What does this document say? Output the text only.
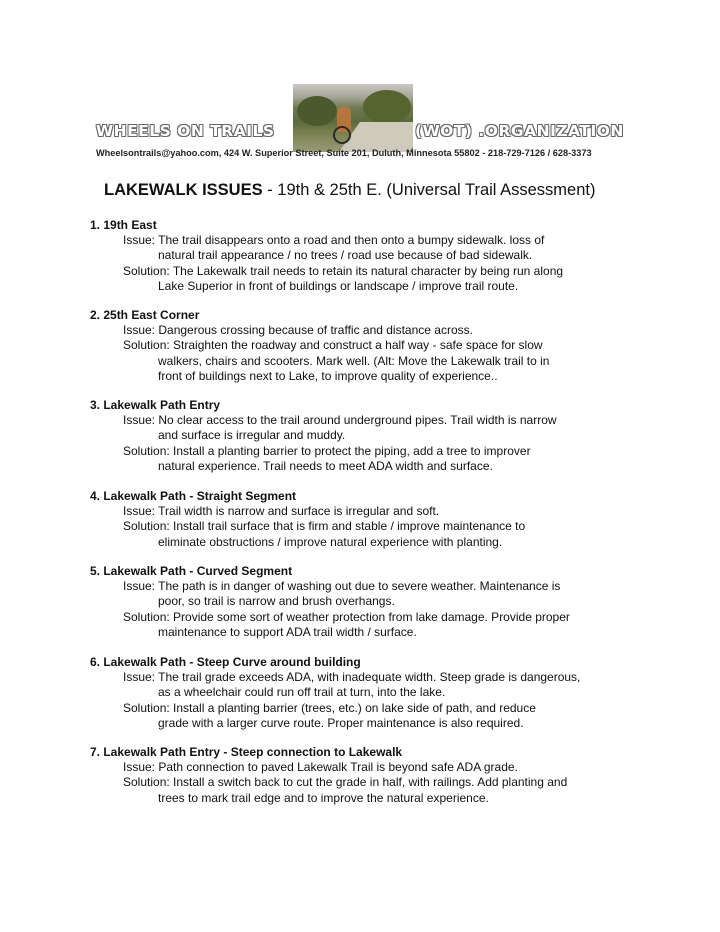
WHEELS ON TRAILS	(WOT) .ORGANIZATION
Wheelsontrails@yahoo.com, 424 W. Superior Street, Suite 201, Duluth, Minnesota 55802 - 218-729-7126 / 628-3373
LAKEWALK ISSUES - 19th & 25th E. (Universal Trail Assessment)
1. 19th East
Issue: The trail disappears onto a road and then onto a bumpy sidewalk. loss of
natural trail appearance / no trees / road use because of bad sidewalk.
Solution: The Lakewalk trail needs to retain its natural character by being run along
Lake Superior in front of buildings or landscape / improve trail route.
2. 25th East Corner
Issue: Dangerous crossing because of traffic and distance across.
Solution: Straighten the roadway and construct a half way - safe space for slow
walkers, chairs and scooters. Mark well. (Alt: Move the Lakewalk trail to in
front of buildings next to Lake, to improve quality of experience..
3. Lakewalk Path Entry
Issue: No clear access to the trail around underground pipes. Trail width is narrow
and surface is irregular and muddy.
Solution: Install a planting barrier to protect the piping, add a tree to improver
natural experience. Trail needs to meet ADA width and surface.
4. Lakewalk Path - Straight Segment
Issue: Trail width is narrow and surface is irregular and soft.
Solution: Install trail surface that is firm and stable / improve maintenance to
eliminate obstructions / improve natural experience with planting.
5. Lakewalk Path - Curved Segment
Issue: The path is in danger of washing out due to severe weather. Maintenance is
poor, so trail is narrow and brush overhangs.
Solution: Provide some sort of weather protection from lake damage. Provide proper
maintenance to support ADA trail width / surface.
6. Lakewalk Path - Steep Curve around building
Issue: The trail grade exceeds ADA, with inadequate width. Steep grade is dangerous,
as a wheelchair could run off trail at turn, into the lake.
Solution: Install a planting barrier (trees, etc.) on lake side of path, and reduce
grade with a larger curve route. Proper maintenance is also required.
7. Lakewalk Path Entry - Steep connection to Lakewalk
Issue: Path connection to paved Lakewalk Trail is beyond safe ADA grade.
Solution: Install a switch back to cut the grade in half, with railings. Add planting and
trees to mark trail edge and to improve the natural experience.
